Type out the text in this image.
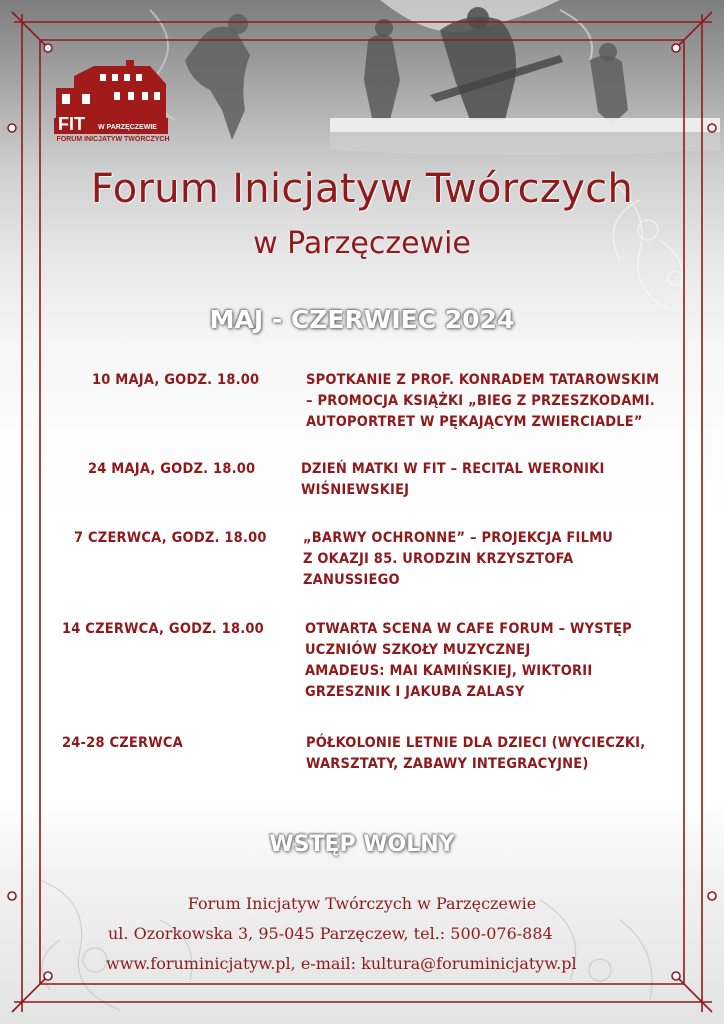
FIT W PARZĘCZEWIE
FORUM INICJATYW TWÓRCZYCH
Forum Inicjatyw Twórczych
w Parzęczewie
MAJ - CZERWIEC 2024
10 MAJA, GODZ. 18.00	SPOTKANIE Z PROF. KONRADEM TATAROWSKIM
– PROMOCJA KSIĄŻKI „BIEG Z PRZESZKODAMI.
AUTOPORTRET W PĘKAJĄCYM ZWIERCIADLE”
24 MAJA, GODZ. 18.00	DZIEŃ MATKI W FIT – RECITAL WERONIKI
WIŚNIEWSKIEJ
7 CZERWCA, GODZ. 18.00	„BARWY OCHRONNE” – PROJEKCJA FILMU
Z OKAZJI 85. URODZIN KRZYSZTOFA
ZANUSSIEGO
14 CZERWCA, GODZ. 18.00	OTWARTA SCENA W CAFE FORUM – WYSTĘP
UCZNIÓW SZKOŁY MUZYCZNEJ
AMADEUS: MAI KAMIŃSKIEJ, WIKTORII
GRZESZNIK I JAKUBA ZALASY
24-28 CZERWCA	PÓŁKOLONIE LETNIE DLA DZIECI (WYCIECZKI,
WARSZTATY, ZABAWY INTEGRACYJNE)
WSTĘP WOLNY
Forum Inicjatyw Twórczych w Parzęczewie
ul. Ozorkowska 3, 95-045 Parzęczew, tel.: 500-076-884
www.foruminicjatyw.pl, e-mail: kultura@foruminicjatyw.pl
